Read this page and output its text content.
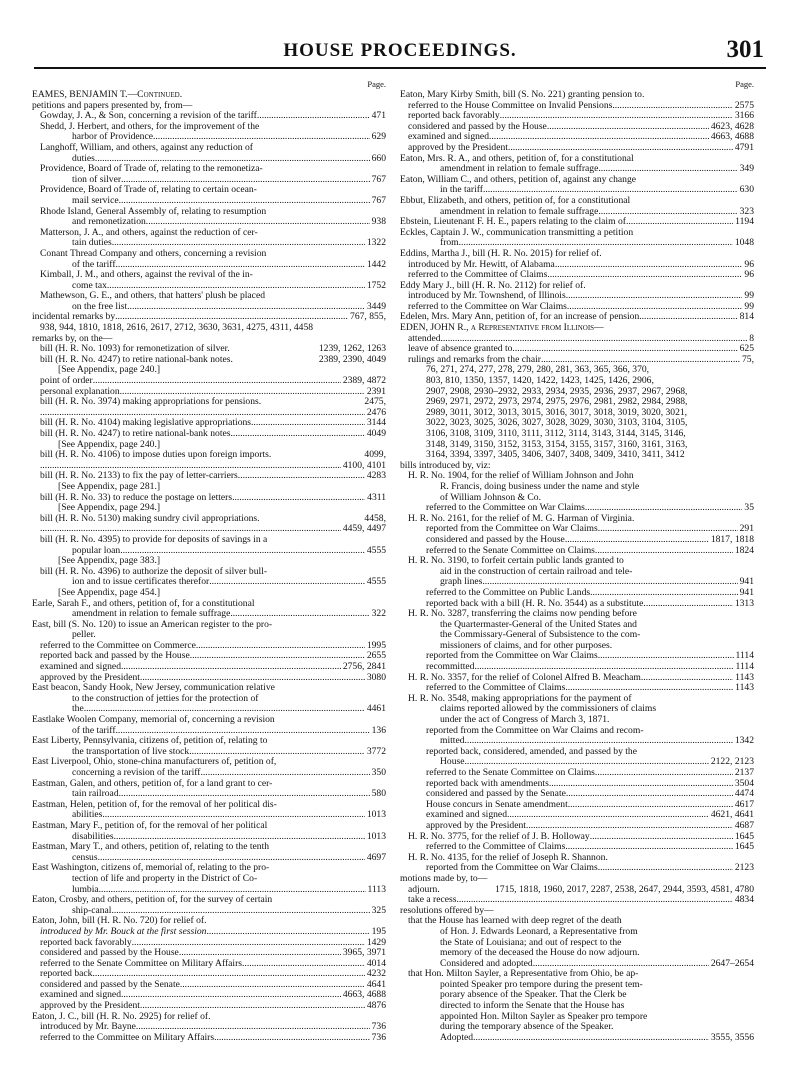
HOUSE PROCEEDINGS.	301
Page.
EAMES, BENJAMIN T.—Continued.
petitions and papers presented by, from—
Gowday, J. A., & Son, concerning a revision of the tariff.. .....	471
Shedd, J. Herbert, and others, for the improvement of the
harbor of Providence .....	629
Langhoff, William, and others, against any reduction of
duties .....	660
Providence, Board of Trade of, relating to the remonetiza-
tion of silver .....	767
Providence, Board of Trade of, relating to certain ocean-
mail service .....	767
Rhode Island, General Assembly of, relating to resumption
and remonetization .....	938
Matterson, J. A., and others, against the reduction of cer-
tain duties .....	1322
Conant Thread Company and others, concerning a revision
of the tariff .....	1442
Kimball, J. M., and others, against the revival of the in-
come tax .....	1752
Mathewson, G. E., and others, that hatters' plush be placed
on the free list .....	3449
incidental remarks by .....	767, 855,
938, 944, 1810, 1818, 2616, 2617, 2712, 3630, 3631, 4275, 4311, 4458
remarks by, on the—
bill (H. R. No. 1093) for remonetization of silver.	1239, 1262, 1263
bill (H. R. No. 4247) to retire national-bank notes.	2389, 2390, 4049
[See Appendix, page 240.]
point of order .....	2389, 4872
personal explanation .....	2391
bill (H. R. No. 3974) making appropriations for pensions.	2475,
.....
2476
bill (H. R. No. 4104) making legislative appropriations .....	3144
bill (H. R. No. 4247) to retire national-bank notes .....	4049
[See Appendix, page 240.]
bill (H. R. No. 4106) to impose duties upon foreign imports.	4099,
.....
4100, 4101
bill (H. R. No. 2133) to fix the pay of letter-carriers .....	4283
[See Appendix, page 281.]
bill (H. R. No. 33) to reduce the postage on letters .....	4311
[See Appendix, page 294.]
bill (H. R. No. 5130) making sundry civil appropriations.	4458,
.....
4459, 4497
bill (H. R. No. 4395) to provide for deposits of savings in a
popular loan .....	4555
[See Appendix, page 383.]
bill (H. R. No. 4396) to authorize the deposit of silver bull-
ion and to issue certificates therefor .....	4555
[See Appendix, page 454.]
Earle, Sarah F., and others, petition of, for a constitutional
amendment in relation to female suffrage .....	322
East, bill (S. No. 120) to issue an American register to the pro-
peller.
referred to the Committee on Commerce .....	1995
reported back and passed by the House .....	2655
examined and signed .....	2756, 2841
approved by the President .....	3080
East beacon, Sandy Hook, New Jersey, communication relative
to the construction of jetties for the protection of
the .....	4461
Eastlake Woolen Company, memorial of, concerning a revision
of the tariff .....	136
East Liberty, Pennsylvania, citizens of, petition of, relating to
the transportation of live stock .....	3772
East Liverpool, Ohio, stone-china manufacturers of, petition of,
concerning a revision of the tariff .....	350
Eastman, Galen, and others, petition of, for a land grant to cer-
tain railroad .....	580
Eastman, Helen, petition of, for the removal of her political dis-
abilities .....	1013
Eastman, Mary F., petition of, for the removal of her political
disabilities .....	1013
Eastman, Mary T., and others, petition of, relating to the tenth
census .....	4697
East Washington, citizens of, memorial of, relating to the pro-
tection of life and property in the District of Co-
lumbia .....	1113
Eaton, Crosby, and others, petition of, for the survey of certain
ship-canal .....	325
Eaton, John, bill (H. R. No. 720) for relief of.
introduced by Mr. Bouck at the first session .....	195
reported back favorably .....	1429
considered and passed by the House .....	3965, 3971
referred to the Senate Committee on Military Affairs .....	4014
reported back .....	4232
considered and passed by the Senate .....	4641
examined and signed .....	4663, 4688
approved by the President .....	4876
Eaton, J. C., bill (H. R. No. 2925) for relief of.
introduced by Mr. Bayne .....	736
referred to the Committee on Military Affairs .....	736
Page.
Eaton, Mary Kirby Smith, bill (S. No. 221) granting pension to.
referred to the House Committee on Invalid Pensions .....	2575
reported back favorably .....	3166
considered and passed by the House .....	4623, 4628
examined and signed .....	4663, 4688
approved by the President .....	4791
Eaton, Mrs. R. A., and others, petition of, for a constitutional
amendment in relation to female suffrage .....	349
Eaton, William C., and others, petition of, against any change
in the tariff .....	630
Ebbut, Elizabeth, and others, petition of, for a constitutional
amendment in relation to female suffrage .....	323
Ebstein, Lieutenant F. H. E., papers relating to the claim of.. .....	1194
Eckles, Captain J. W., communication transmitting a petition
from .....	1048
Eddins, Martha J., bill (H. R. No. 2015) for relief of.
introduced by Mr. Hewitt, of Alabama .....	96
referred to the Committee of Claims .....	96
Eddy Mary J., bill (H. R. No. 2112) for relief of.
introduced by Mr. Townshend, of Illinois .....	99
referred to the Committee on War Claims .....	99
Edelen, Mrs. Mary Ann, petition of, for an increase of pension.. .....	814
EDEN, JOHN R., a Representative from Illinois—
attended .....	8
leave of absence granted to .....	625
rulings and remarks from the chair .....	75,
76, 271, 274, 277, 278, 279, 280, 281, 363, 365, 366, 370,
803, 810, 1350, 1357, 1420, 1422, 1423, 1425, 1426, 2906,
2907, 2908, 2930–2932, 2933, 2934, 2935, 2936, 2937, 2967, 2968,
2969, 2971, 2972, 2973, 2974, 2975, 2976, 2981, 2982, 2984, 2988,
2989, 3011, 3012, 3013, 3015, 3016, 3017, 3018, 3019, 3020, 3021,
3022, 3023, 3025, 3026, 3027, 3028, 3029, 3030, 3103, 3104, 3105,
3106, 3108, 3109, 3110, 3111, 3112, 3114, 3143, 3144, 3145, 3146,
3148, 3149, 3150, 3152, 3153, 3154, 3155, 3157, 3160, 3161, 3163,
3164, 3394, 3397, 3405, 3406, 3407, 3408, 3409, 3410, 3411, 3412
bills introduced by, viz:
H. R. No. 1904, for the relief of William Johnson and John
R. Francis, doing business under the name and style
of William Johnson & Co.
referred to the Committee on War Claims .....	35
H. R. No. 2161, for the relief of M. G. Harman of Virginia.
reported from the Committee on War Claims .....	291
considered and passed by the House .....	1817, 1818
referred to the Senate Committee on Claims .....	1824
H. R. No. 3190, to forfeit certain public lands granted to
aid in the construction of certain railroad and tele-
graph lines .....	941
referred to the Committee on Public Lands .....	941
reported back with a bill (H. R. No. 3544) as a substitute. .....	1313
H. R. No. 3287, transferring the claims now pending before
the Quartermaster-General of the United States and
the Commissary-General of Subsistence to the com-
missioners of claims, and for other purposes.
reported from the Committee on War Claims .....	1114
recommitted .....	1114
H. R. No. 3357, for the relief of Colonel Alfred B. Meacham. .....	1143
referred to the Committee of Claims .....	1143
H. R. No. 3548, making appropriations for the payment of
claims reported allowed by the commissioners of claims
under the act of Congress of March 3, 1871.
reported from the Committee on War Claims and recom-
mitted .....	1342
reported back, considered, amended, and passed by the
House .....	2122, 2123
referred to the Senate Committee on Claims .....	2137
reported back with amendments .....	3504
considered and passed by the Senate .....	4474
House concurs in Senate amendment .....	4617
examined and signed .....	4621, 4641
approved by the President .....	4687
H. R. No. 3775, for the relief of J. B. Holloway .....	1645
referred to the Committee of Claims .....	1645
H. R. No. 4135, for the relief of Joseph R. Shannon.
reported from the Committee on War Claims .....	2123
motions made by, to—
adjourn.	1715, 1818, 1960, 2017, 2287, 2538, 2647, 2944, 3593, 4581, 4780
take a recess .....	4834
resolutions offered by—
that the House has learned with deep regret of the death
of Hon. J. Edwards Leonard, a Representative from
the State of Louisiana; and out of respect to the
memory of the deceased the House do now adjourn.
Considered and adopted .....	2647–2654
that Hon. Milton Sayler, a Representative from Ohio, be ap-
pointed Speaker pro tempore during the present tem-
porary absence of the Speaker. That the Clerk be
directed to inform the Senate that the House has
appointed Hon. Milton Sayler as Speaker pro tempore
during the temporary absence of the Speaker.
Adopted .....	3555, 3556
